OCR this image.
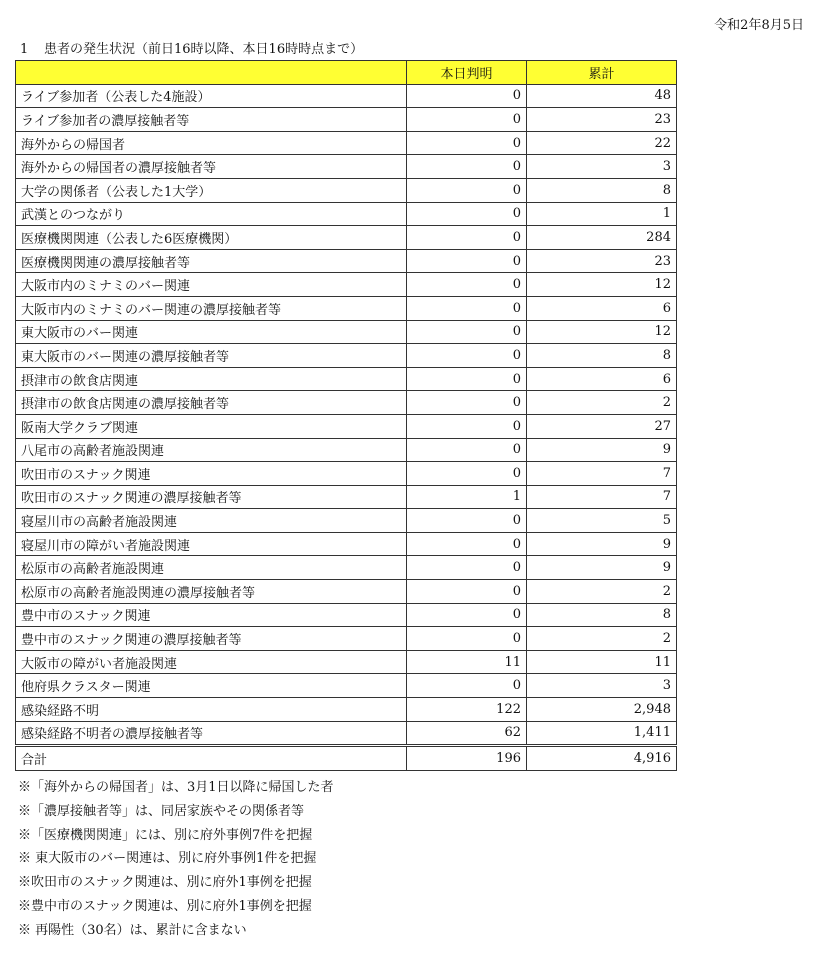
令和2年8月5日
1 患者の発生状況（前日16時以降、本日16時時点まで）
	本日判明	累計
ライブ参加者（公表した4施設）	0	48
ライブ参加者の濃厚接触者等	0	23
海外からの帰国者	0	22
海外からの帰国者の濃厚接触者等	0	3
大学の関係者（公表した1大学）	0	8
武漢とのつながり	0	1
医療機関関連（公表した6医療機関）	0	284
医療機関関連の濃厚接触者等	0	23
大阪市内のミナミのバー関連	0	12
大阪市内のミナミのバー関連の濃厚接触者等	0	6
東大阪市のバー関連	0	12
東大阪市のバー関連の濃厚接触者等	0	8
摂津市の飲食店関連	0	6
摂津市の飲食店関連の濃厚接触者等	0	2
阪南大学クラブ関連	0	27
八尾市の高齢者施設関連	0	9
吹田市のスナック関連	0	7
吹田市のスナック関連の濃厚接触者等	1	7
寝屋川市の高齢者施設関連	0	5
寝屋川市の障がい者施設関連	0	9
松原市の高齢者施設関連	0	9
松原市の高齢者施設関連の濃厚接触者等	0	2
豊中市のスナック関連	0	8
豊中市のスナック関連の濃厚接触者等	0	2
大阪市の障がい者施設関連	11	11
他府県クラスター関連	0	3
感染経路不明	122	2,948
感染経路不明者の濃厚接触者等	62	1,411
合計	196	4,916
※「海外からの帰国者」は、3月1日以降に帰国した者
※「濃厚接触者等」は、同居家族やその関係者等
※「医療機関関連」には、別に府外事例7件を把握
※ 東大阪市のバー関連は、別に府外事例1件を把握
※吹田市のスナック関連は、別に府外1事例を把握
※豊中市のスナック関連は、別に府外1事例を把握
※ 再陽性（30名）は、累計に含まない
